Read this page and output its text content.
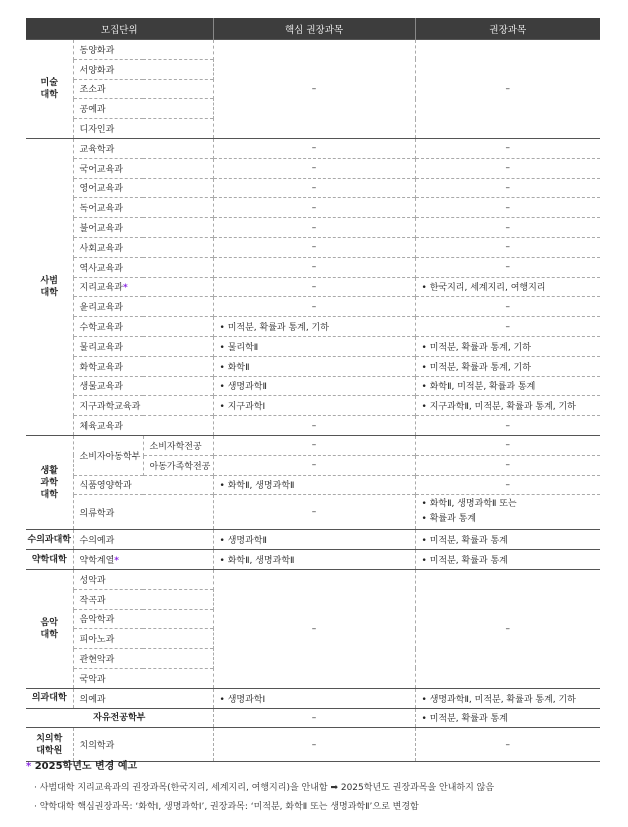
모집단위			핵심 권장과목	권장과목
미술
대학	동양화과		–	–
	서양화과			
	조소과			
	공예과			
	디자인과			
사범
대학	교육학과		–	–
	국어교육과		–	–
	영어교육과		–	–
	독어교육과		–	–
	불어교육과		–	–
	사회교육과		–	–
	역사교육과		–	–
	지리교육과*		–	• 한국지리, 세계지리, 여행지리
	윤리교육과		–	–
	수학교육과		• 미적분, 확률과 통계, 기하	–
	물리교육과		• 물리학Ⅱ	• 미적분, 확률과 통계, 기하
	화학교육과		• 화학Ⅱ	• 미적분, 확률과 통계, 기하
	생물교육과		• 생명과학Ⅱ	• 화학Ⅱ, 미적분, 확률과 통계
	지구과학교육과		• 지구과학Ⅰ	• 지구과학Ⅱ, 미적분, 확률과 통계, 기하
	체육교육과		–	–
생활
과학
대학	소비자아동학부	소비자학전공	–	–
		아동가족학전공	–	–
	식품영양학과		• 화학Ⅱ, 생명과학Ⅱ	–
	의류학과		–	• 화학Ⅱ, 생명과학Ⅱ 또는
• 확률과 통계
수의과대학	수의예과		• 생명과학Ⅱ	• 미적분, 확률과 통계
약학대학	약학계열*		• 화학Ⅱ, 생명과학Ⅱ	• 미적분, 확률과 통계
음악
대학	성악과		–	–
	작곡과			
	음악학과			
	피아노과			
	관현악과			
	국악과			
의과대학	의예과		• 생명과학Ⅰ	• 생명과학Ⅱ, 미적분, 확률과 통계, 기하
자유전공학부			–	• 미적분, 확률과 통계
치의학
대학원	치의학과		–	–
* 2025학년도 변경 예고
· 사범대학 지리교육과의 권장과목(한국지리, 세계지리, 여행지리)을 안내함 ➡ 2025학년도 권장과목을 안내하지 않음
· 약학대학 핵심권장과목: ‘화학Ⅰ, 생명과학Ⅰ’, 권장과목: ‘미적분, 화학Ⅱ 또는 생명과학Ⅱ’으로 변경함
